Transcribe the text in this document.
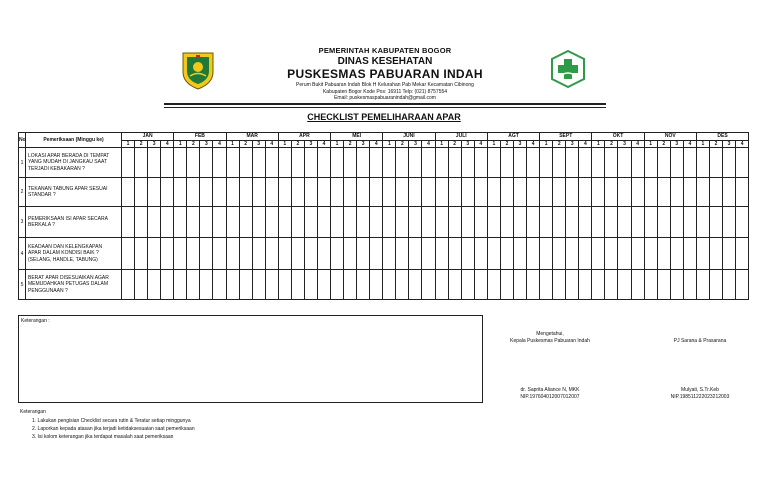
PEMERINTAH KABUPATEN BOGOR
DINAS KESEHATAN
PUSKESMAS PABUARAN INDAH
Perum Bukit Pabuaran Indah Blok H Kelurahan Pab Mekar Kecamatan Cibinong
Kabupaten Bogor Kode Pos: 16911 Telp: (021) 8757554
Email: puskesmaspabuaranindah@gmail.com
CHECKLIST PEMELIHARAAN APAR
No	Pemeriksaan (Minggu ke)	JAN				FEB				MAR				APR				MEI				JUNI				JULI				AGT				SEPT				OKT				NOV				DES			
		1	2	3	4	1	2	3	4	1	2	3	4	1	2	3	4	1	2	3	4	1	2	3	4	1	2	3	4	1	2	3	4	1	2	3	4	1	2	3	4	1	2	3	4	1	2	3	4
1	LOKASI APAR BERADA DI TEMPAT
YANG MUDAH DI JANGKAU SAAT
TERJADI KEBAKARAN ?																																																

2	TEKANAN TABUNG APAR SESUAI
STANDAR ?																																																

3	PEMERIKSAAN ISI APAR SECARA
BERKALA ?																																																

4	KEADAAN DAN KELENGKAPAN
APAR DALAM KONDISI BAIK ?
(SELANG, HANDLE, TABUNG)																																																

5	BERAT APAR DISESUAIKAN AGAR
MEMUDAHKAN PETUGAS DALAM
PENGGUNAAN ?																																																

Keterangan :
Mengetahui,
Kepala Puskesmas Pabuaran Indah	PJ Sarana & Prasarana
dr. Saprita Aliance N, MKK
NIP.197604012007012007
Mulyati, S.Tr.Keb
NIP.198511222023212003
Keterangan
1. Lakukan pengisian Checklist secara rutin & Teratur setiap minggunya
2. Laporkan kepada atasan jika terjadi ketidaksesuaian saat pemeriksaan
3. Isi kolom keterangan jika terdapat masalah saat pemeriksaan
